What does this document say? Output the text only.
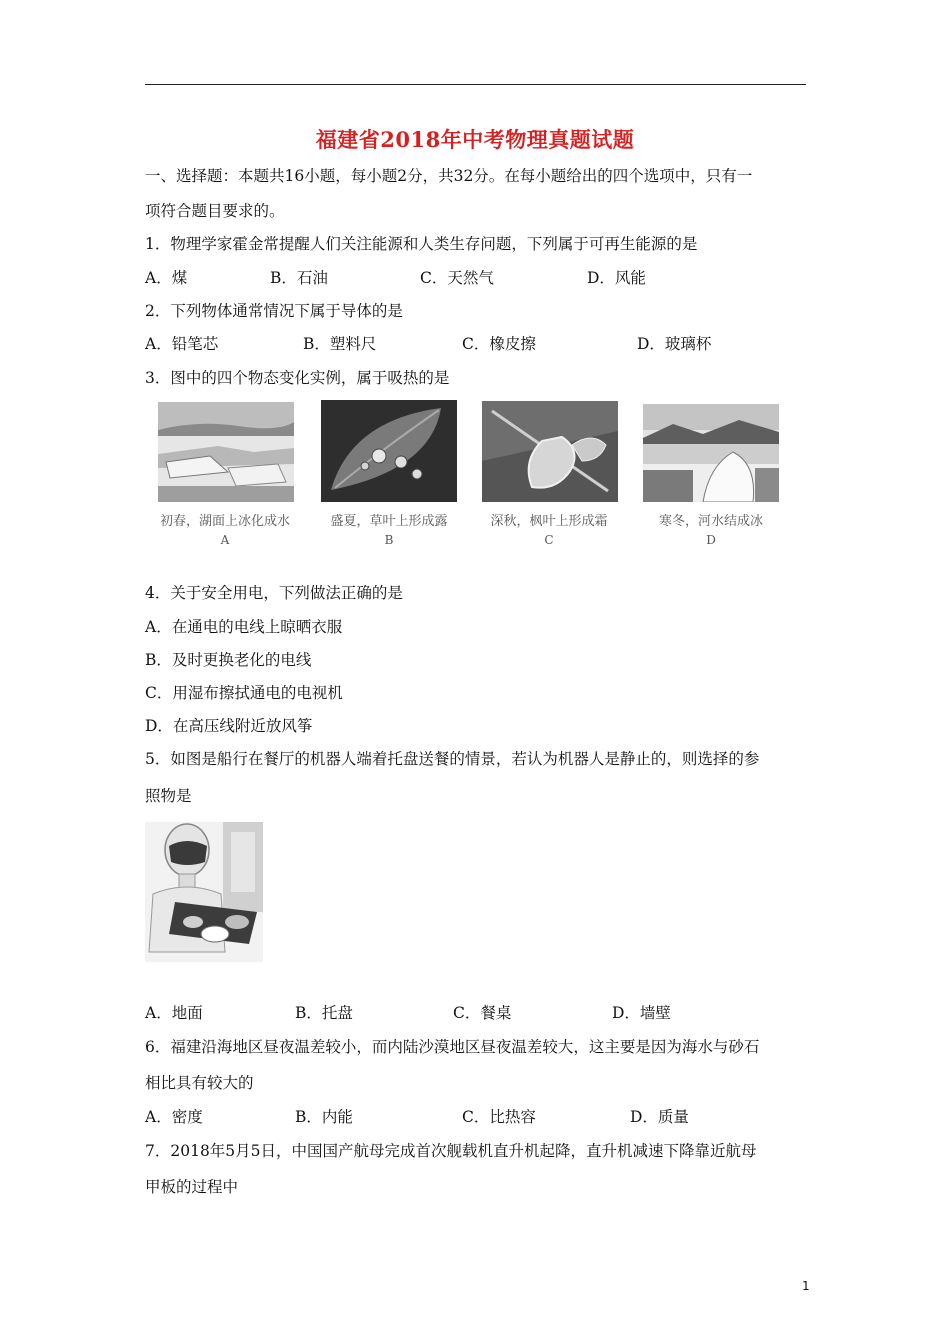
福建省2018年中考物理真题试题
一、选择题：本题共16小题，每小题2分，共32分。在每小题给出的四个选项中，只有一
项符合题目要求的。
1．物理学家霍金常提醒人们关注能源和人类生存问题，下列属于可再生能源的是
A．煤	B．石油	C．天然气	D．风能
2．下列物体通常情况下属于导体的是
A．铅笔芯	B．塑料尺	C．橡皮擦	D．玻璃杯
3．图中的四个物态变化实例，属于吸热的是
初春，湖面上冰化成水	盛夏，草叶上形成露	深秋，枫叶上形成霜	寒冬，河水结成冰
A	B	C	D
4．关于安全用电，下列做法正确的是
A．在通电的电线上晾晒衣服
B．及时更换老化的电线
C．用湿布擦拭通电的电视机
D．在高压线附近放风筝
5．如图是船行在餐厅的机器人端着托盘送餐的情景，若认为机器人是静止的，则选择的参
照物是
A．地面	B．托盘	C．餐桌	D．墙壁
6．福建沿海地区昼夜温差较小，而内陆沙漠地区昼夜温差较大，这主要是因为海水与砂石
相比具有较大的
A．密度	B．内能	C．比热容	D．质量
7．2018年5月5日，中国国产航母完成首次舰载机直升机起降，直升机减速下降靠近航母
甲板的过程中
1
